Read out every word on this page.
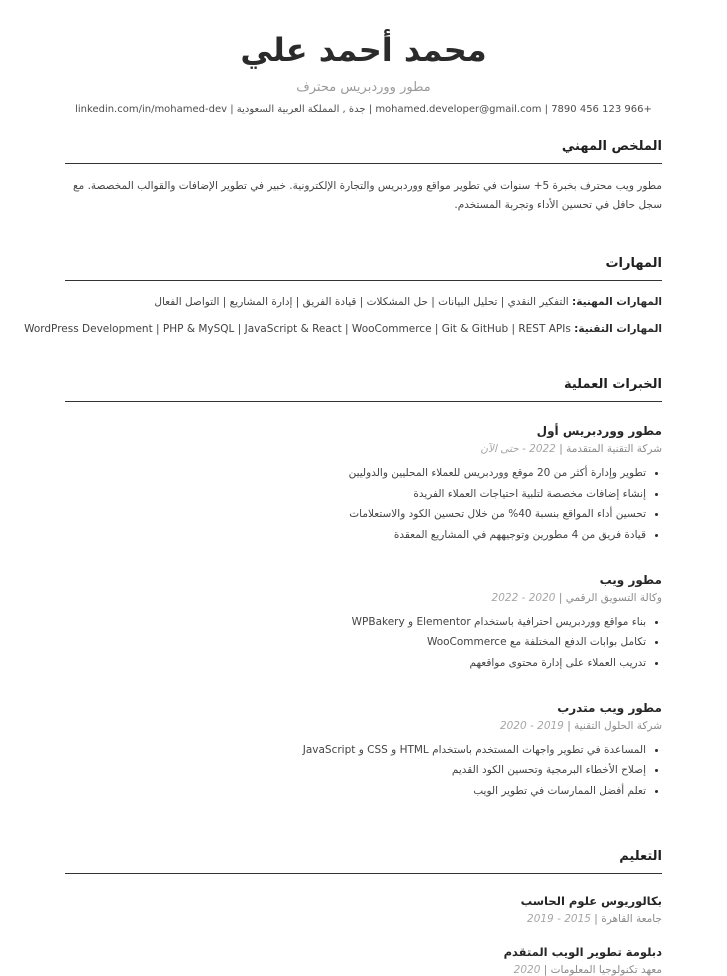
محمد أحمد علي
مطور ووردبريس محترف
+966 123 456 7890 | mohamed.developer@gmail.com | جدة , المملكة العربية السعودية | linkedin.com/in/mohamed-dev
الملخص المهني

مطور ويب محترف بخبرة 5+ سنوات في تطوير مواقع ووردبريس والتجارة الإلكترونية. خبير في تطوير الإضافات والقوالب المخصصة. مع سجل حافل في تحسين الأداء وتجربة المستخدم.

المهارات

المهارات المهنية: التفكير النقدي | تحليل البيانات | حل المشكلات | قيادة الفريق | إدارة المشاريع | التواصل الفعال

المهارات التقنية: WordPress Development | PHP & MySQL | JavaScript & React | WooCommerce | Git & GitHub | REST APIs

الخبرات العملية
مطور ووردبريس أول

شركة التقنية المتقدمة | 2022 - حتى الآن

• تطوير وإدارة أكثر من 20 موقع ووردبريس للعملاء المحليين والدوليين
• إنشاء إضافات مخصصة لتلبية احتياجات العملاء الفريدة
• تحسين أداء المواقع بنسبة 40% من خلال تحسين الكود والاستعلامات
• قيادة فريق من 4 مطورين وتوجيههم في المشاريع المعقدة
مطور ويب

وكالة التسويق الرقمي | 2020 - 2022

• بناء مواقع ووردبريس احترافية باستخدام Elementor و WPBakery
• تكامل بوابات الدفع المختلفة مع WooCommerce
• تدريب العملاء على إدارة محتوى مواقعهم
مطور ويب متدرب

شركة الحلول التقنية | 2019 - 2020

• المساعدة في تطوير واجهات المستخدم باستخدام HTML و CSS و JavaScript
• إصلاح الأخطاء البرمجية وتحسين الكود القديم
• تعلم أفضل الممارسات في تطوير الويب
التعليم
بكالوريوس علوم الحاسب

جامعة القاهرة | 2015 - 2019

دبلومة تطوير الويب المتقدم

معهد تكنولوجيا المعلومات | 2020
